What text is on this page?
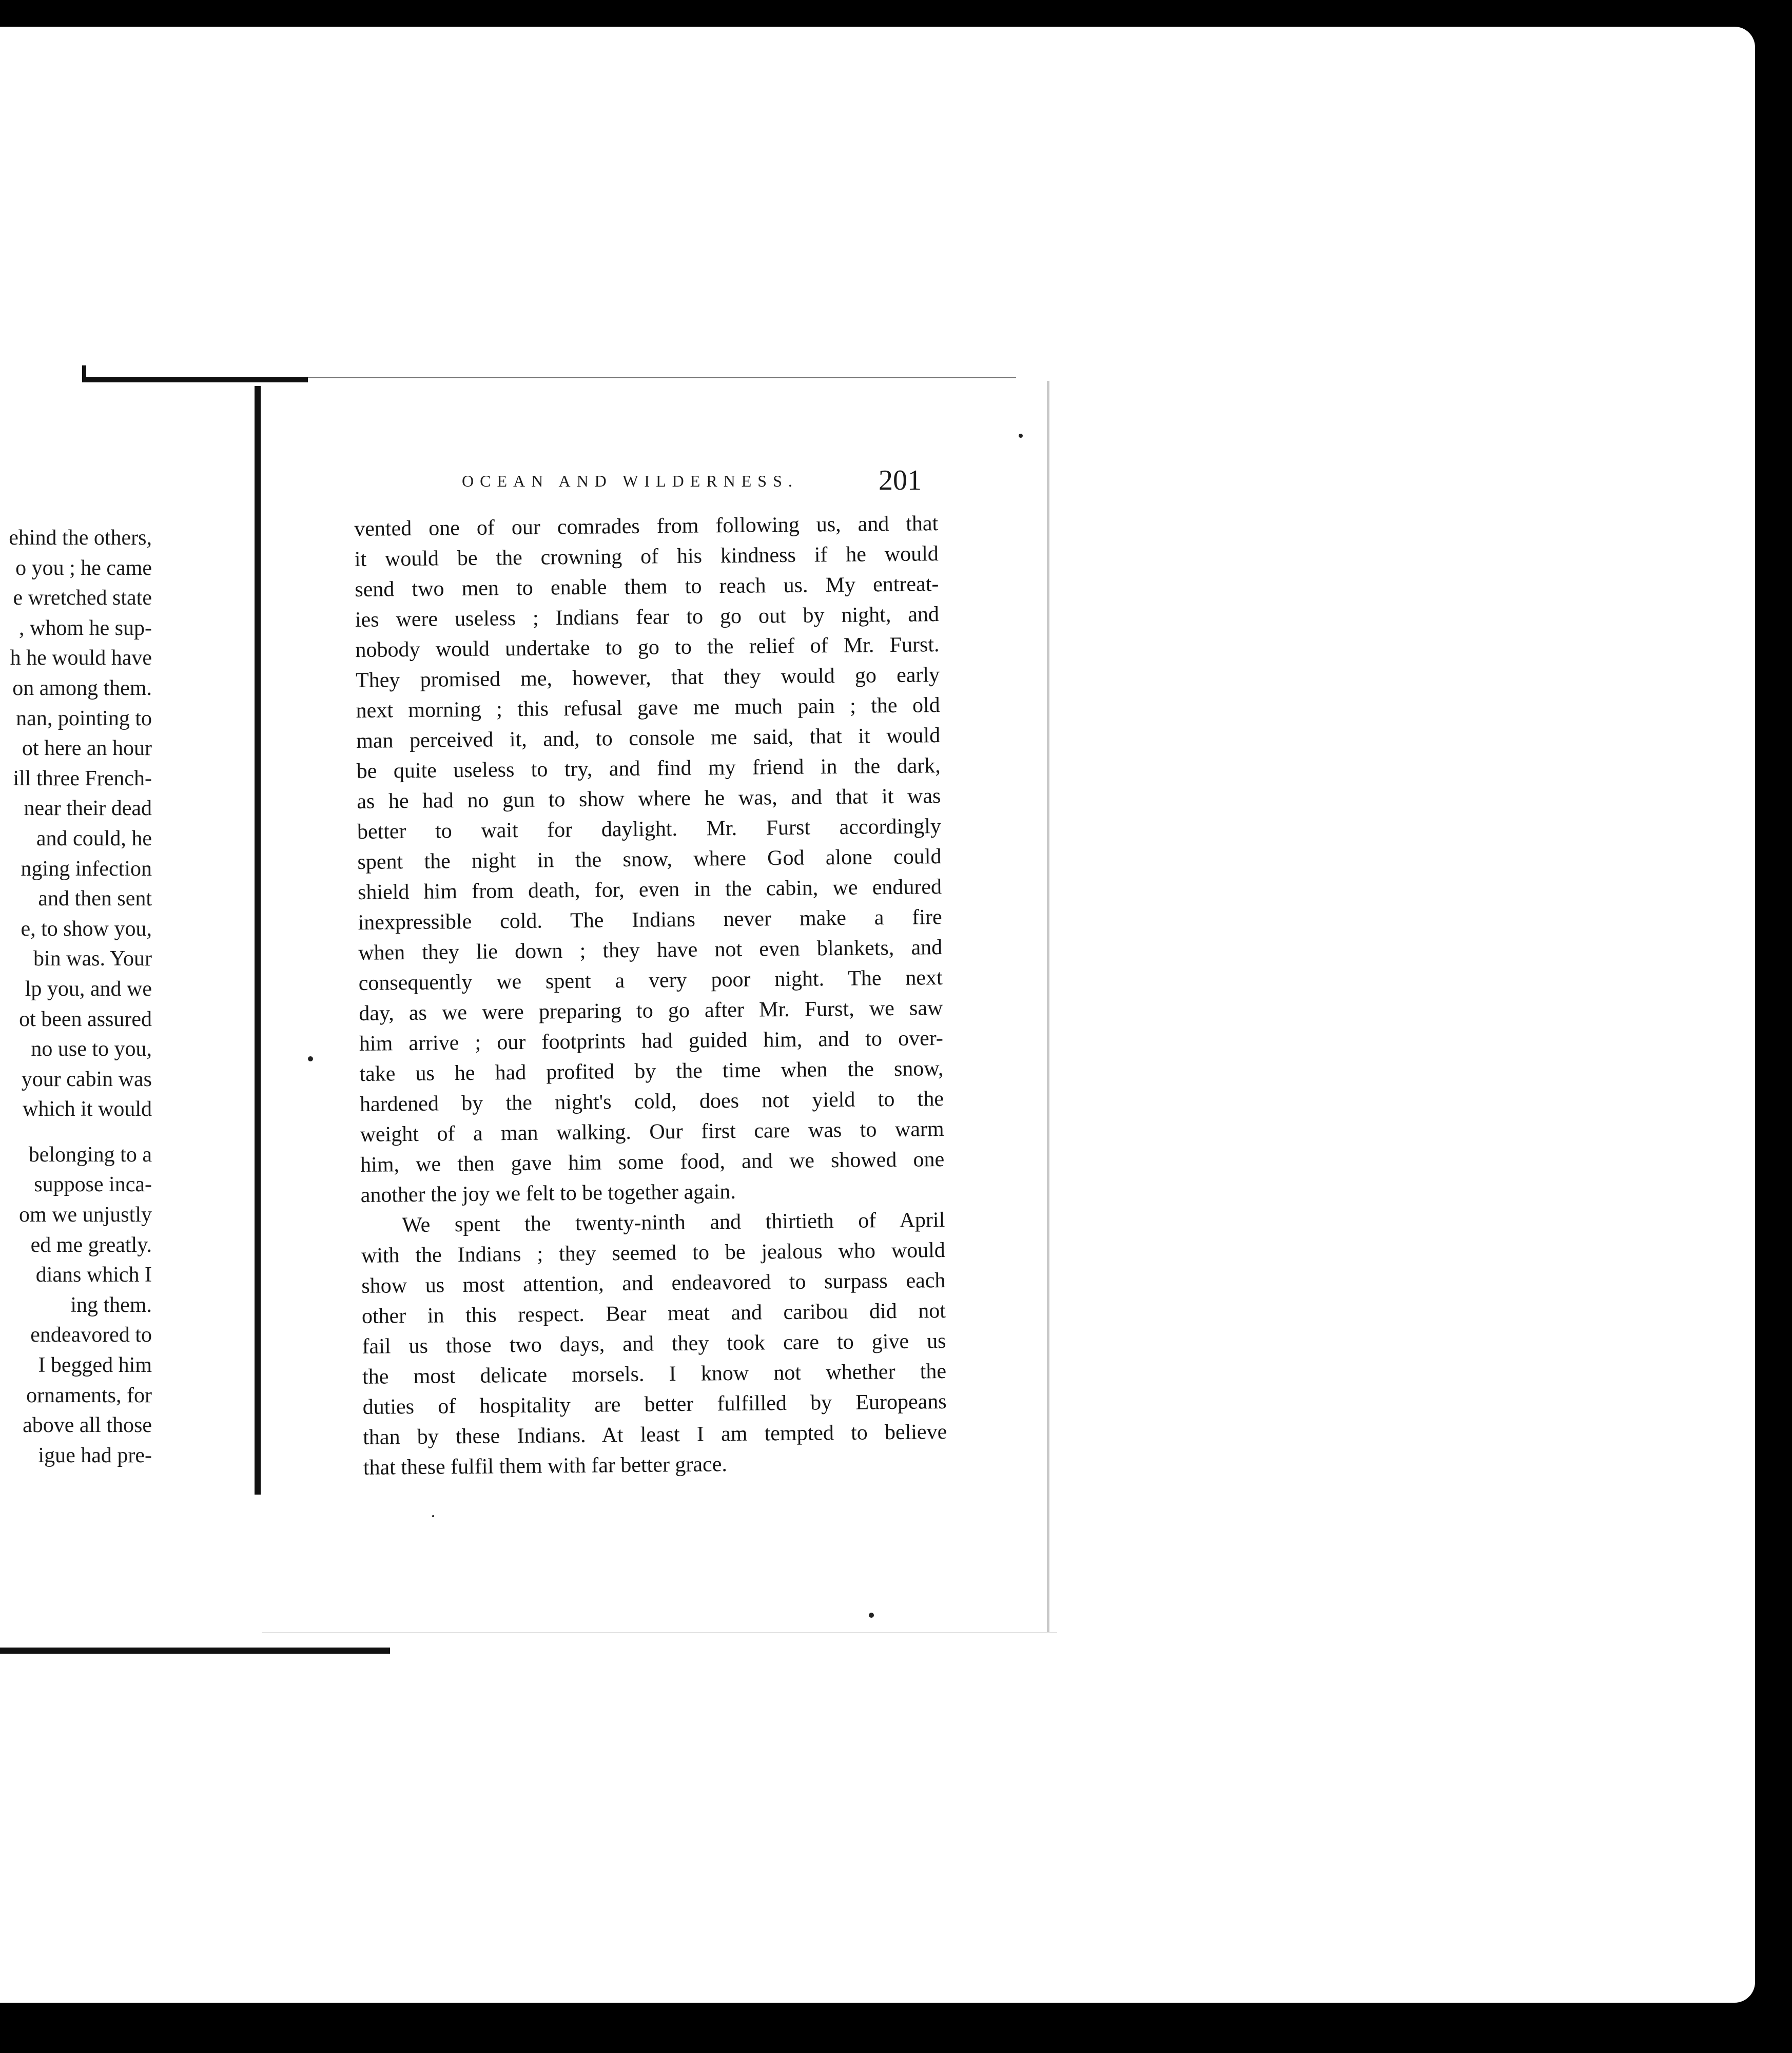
ehind the others,
o you ; he came
e wretched state
, whom he sup-
h he would have
on among them.
nan, pointing to
ot here an hour
ill three French-
near their dead
and could, he
nging infection
and then sent
e, to show you,
bin was. Your
lp you, and we
ot been assured
no use to you,
your cabin was
which it would
belonging to a
suppose inca-
om we unjustly
ed me greatly.
dians which I
ing them.
endeavored to
I begged him
ornaments, for
above all those
igue had pre-
OCEAN AND WILDERNESS.	201
vented one of our comrades from following us, and that
it would be the crowning of his kindness if he would
send two men to enable them to reach us. My entreat-
ies were useless ; Indians fear to go out by night, and
nobody would undertake to go to the relief of Mr. Furst.
They promised me, however, that they would go early
next morning ; this refusal gave me much pain ; the old
man perceived it, and, to console me said, that it would
be quite useless to try, and find my friend in the dark,
as he had no gun to show where he was, and that it was
better to wait for daylight. Mr. Furst accordingly
spent the night in the snow, where God alone could
shield him from death, for, even in the cabin, we endured
inexpressible cold. The Indians never make a fire
when they lie down ; they have not even blankets, and
consequently we spent a very poor night. The next
day, as we were preparing to go after Mr. Furst, we saw
him arrive ; our footprints had guided him, and to over-
take us he had profited by the time when the snow,
hardened by the night's cold, does not yield to the
weight of a man walking. Our first care was to warm
him, we then gave him some food, and we showed one
another the joy we felt to be together again.
We spent the twenty-ninth and thirtieth of April
with the Indians ; they seemed to be jealous who would
show us most attention, and endeavored to surpass each
other in this respect. Bear meat and caribou did not
fail us those two days, and they took care to give us
the most delicate morsels. I know not whether the
duties of hospitality are better fulfilled by Europeans
than by these Indians. At least I am tempted to believe
that these fulfil them with far better grace.
